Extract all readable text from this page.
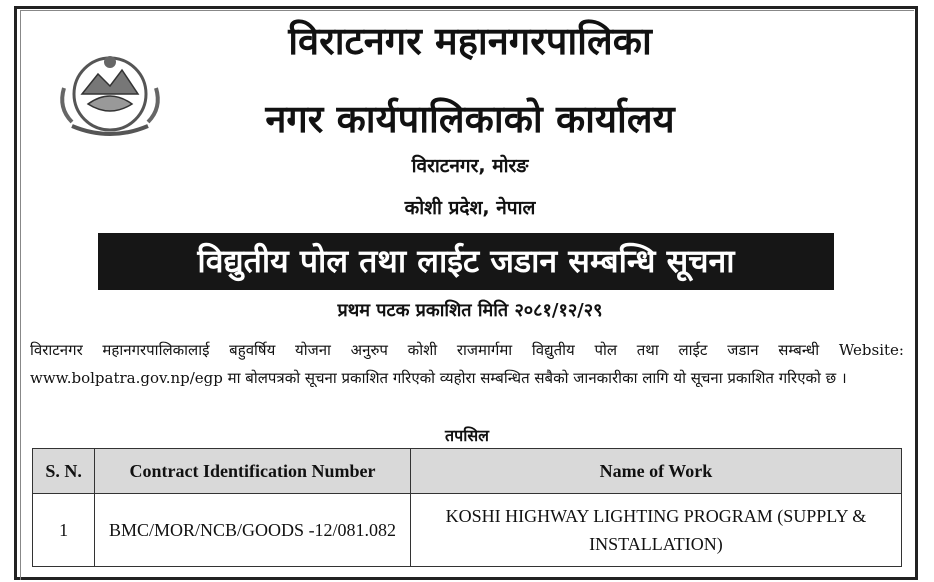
विराटनगर महानगरपालिका
नगर कार्यपालिकाको कार्यालय
विराटनगर, मोरङ
कोशी प्रदेश, नेपाल
विद्युतीय पोल तथा लाईट जडान सम्बन्धि सूचना
प्रथम पटक प्रकाशित मिति २०८१/१२/२९
विराटनगर महानगरपालिकालाई बहुवर्षिय योजना अनुरुप कोशी राजमार्गमा विद्युतीय पोल तथा लाईट जडान सम्बन्धी Website: www.bolpatra.gov.np/egp मा बोलपत्रको सूचना प्रकाशित गरिएको व्यहोरा सम्बन्धित सबैको जानकारीका लागि यो सूचना प्रकाशित गरिएको छ ।
तपसिल
S. N.	Contract Identification Number	Name of Work
1	BMC/MOR/NCB/GOODS -12/081.082	KOSHI HIGHWAY LIGHTING PROGRAM (SUPPLY & INSTALLATION)
